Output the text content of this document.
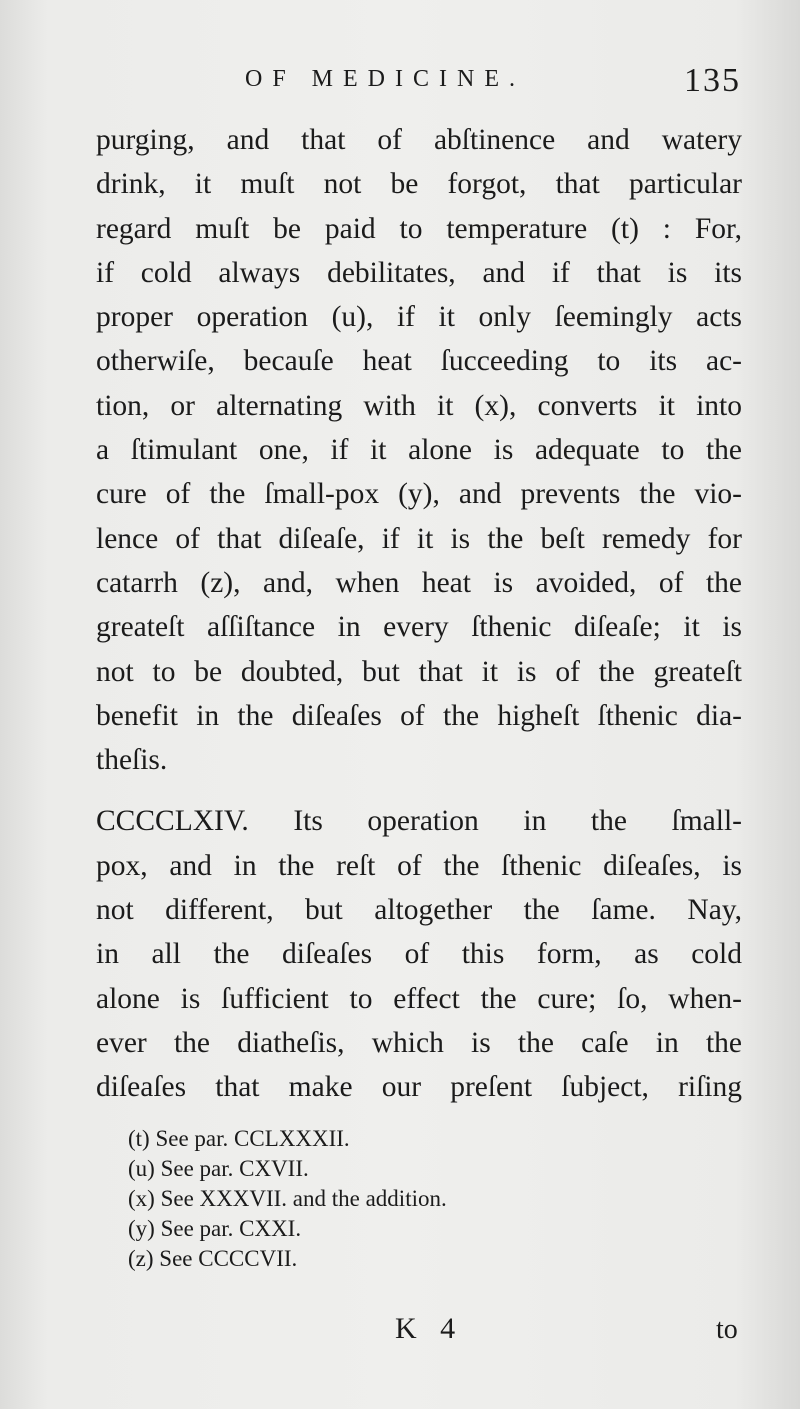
OF MEDICINE.	135

purging, and that of abſtinence and watery
drink, it muſt not be forgot, that particular
regard muſt be paid to temperature (t) : For,
if cold always debilitates, and if that is its
proper operation (u), if it only ſeemingly acts
otherwiſe, becauſe heat ſucceeding to its ac-
tion, or alternating with it (x), converts it into
a ſtimulant one, if it alone is adequate to the
cure of the ſmall-pox (y), and prevents the vio-
lence of that diſeaſe, if it is the beſt remedy for
catarrh (z), and, when heat is avoided, of the
greateſt aſſiſtance in every ſthenic diſeaſe; it is
not to be doubted, but that it is of the greateſt
benefit in the diſeaſes of the higheſt ſthenic dia-
theſis.

CCCCLXIV. Its operation in the ſmall-
pox, and in the reſt of the ſthenic diſeaſes, is
not different, but altogether the ſame. Nay,
in all the diſeaſes of this form, as cold
alone is ſufficient to effect the cure; ſo, when-
ever the diatheſis, which is the caſe in the
diſeaſes that make our preſent ſubject, riſing

(t) See par. CCLXXXII.
(u) See par. CXVII.
(x) See XXXVII. and the addition.
(y) See par. CXXI.
(z) See CCCCVII.
K 4	to
